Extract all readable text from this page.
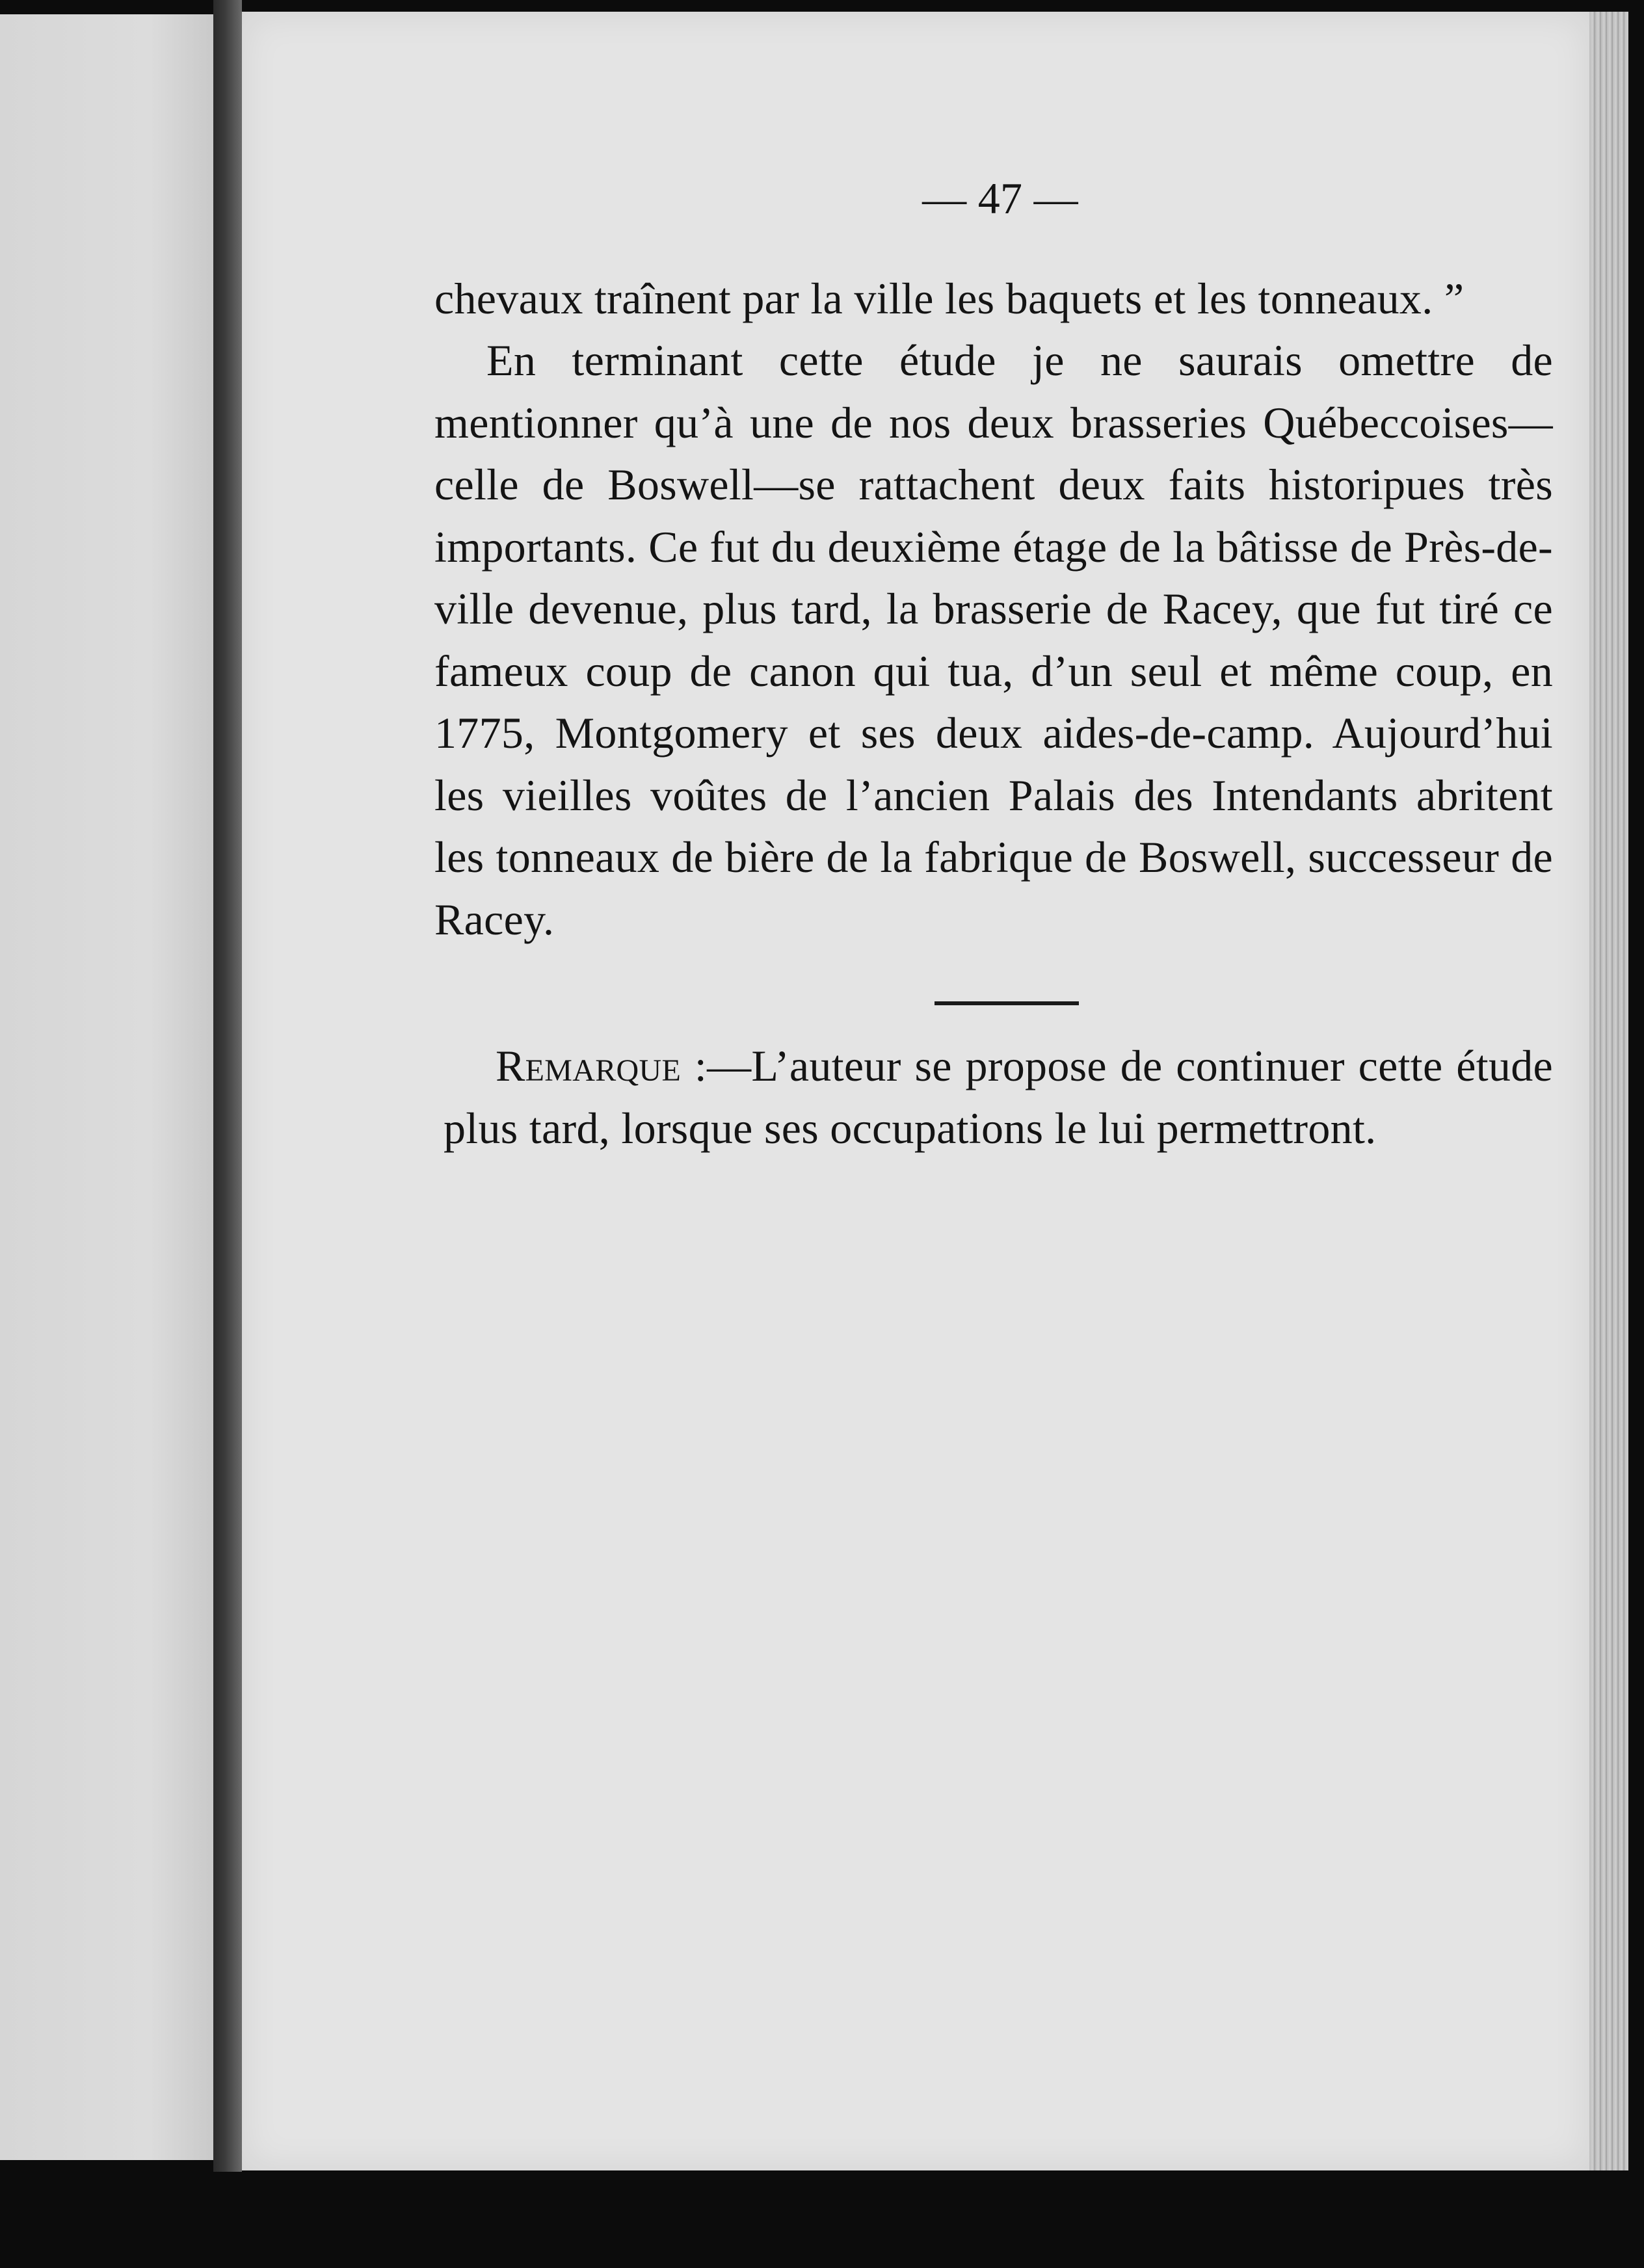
— 47 —

chevaux traînent par la ville les baquets et les tonneaux. ”

En terminant cette étude je ne saurais omettre de mentionner qu’à une de nos deux brasseries Québeccoises—celle de Boswell—se rattachent deux faits historipues très importants. Ce fut du deuxième étage de la bâtisse de Près-de-ville devenue, plus tard, la brasserie de Racey, que fut tiré ce fameux coup de canon qui tua, d’un seul et même coup, en 1775, Montgomery et ses deux aides-de-camp. Aujourd’hui les vieilles voûtes de l’ancien Palais des Intendants abritent les tonneaux de bière de la fabrique de Boswell, successeur de Racey.

Remarque :—L’auteur se propose de continuer cette étude plus tard, lorsque ses occupations le lui permettront.
